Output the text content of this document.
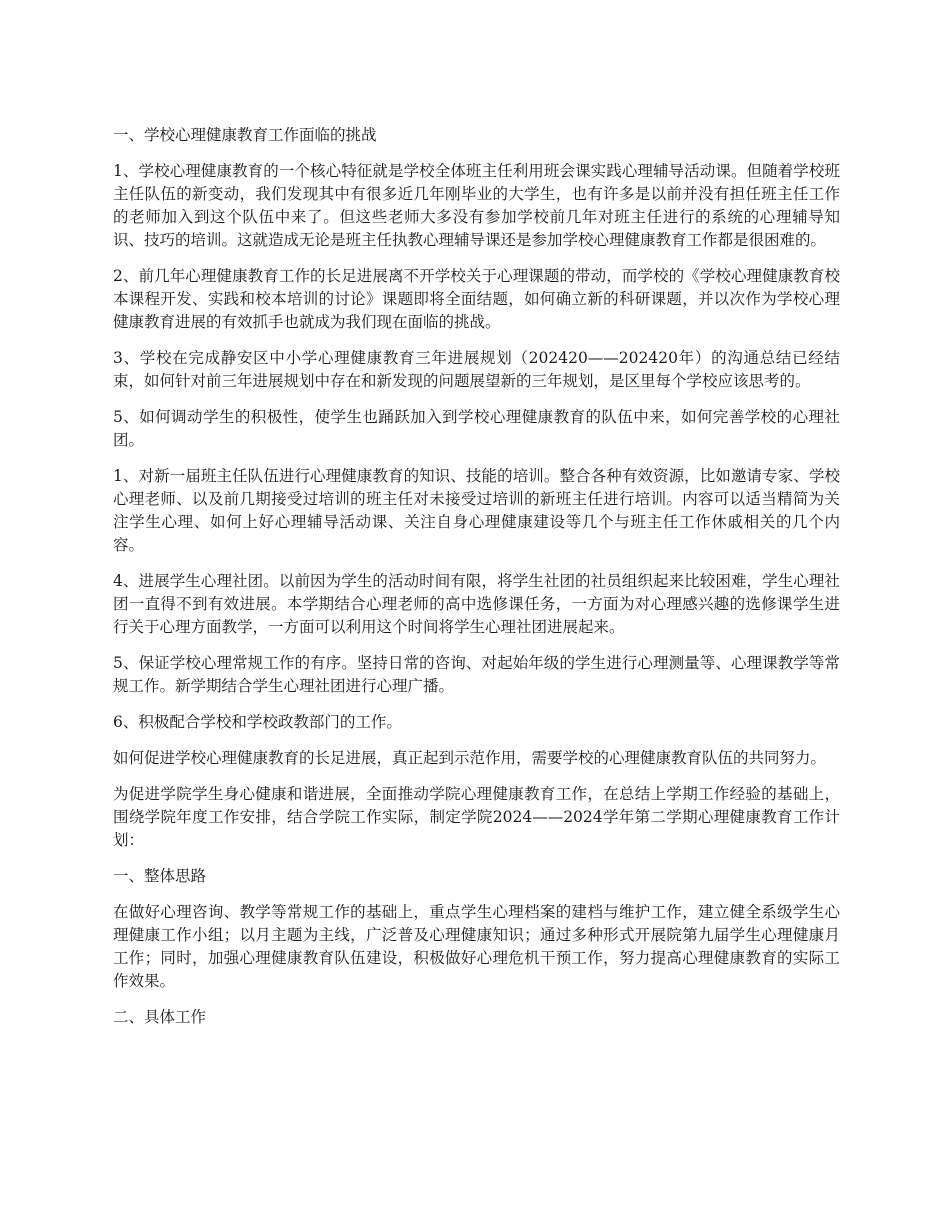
一、学校心理健康教育工作面临的挑战

1、学校心理健康教育的一个核心特征就是学校全体班主任利用班会课实践心理辅导活动课。但随着学校班主任队伍的新变动，我们发现其中有很多近几年刚毕业的大学生，也有许多是以前并没有担任班主任工作的老师加入到这个队伍中来了。但这些老师大多没有参加学校前几年对班主任进行的系统的心理辅导知识、技巧的培训。这就造成无论是班主任执教心理辅导课还是参加学校心理健康教育工作都是很困难的。

2、前几年心理健康教育工作的长足进展离不开学校关于心理课题的带动，而学校的《学校心理健康教育校本课程开发、实践和校本培训的讨论》课题即将全面结题，如何确立新的科研课题，并以次作为学校心理健康教育进展的有效抓手也就成为我们现在面临的挑战。

3、学校在完成静安区中小学心理健康教育三年进展规划（202420——202420年）的沟通总结已经结束，如何针对前三年进展规划中存在和新发现的问题展望新的三年规划，是区里每个学校应该思考的。

5、如何调动学生的积极性，使学生也踊跃加入到学校心理健康教育的队伍中来，如何完善学校的心理社团。

1、对新一届班主任队伍进行心理健康教育的知识、技能的培训。整合各种有效资源，比如邀请专家、学校心理老师、以及前几期接受过培训的班主任对未接受过培训的新班主任进行培训。内容可以适当精简为关注学生心理、如何上好心理辅导活动课、关注自身心理健康建设等几个与班主任工作休戚相关的几个内容。

4、进展学生心理社团。以前因为学生的活动时间有限，将学生社团的社员组织起来比较困难，学生心理社团一直得不到有效进展。本学期结合心理老师的高中选修课任务，一方面为对心理感兴趣的选修课学生进行关于心理方面教学，一方面可以利用这个时间将学生心理社团进展起来。

5、保证学校心理常规工作的有序。坚持日常的咨询、对起始年级的学生进行心理测量等、心理课教学等常规工作。新学期结合学生心理社团进行心理广播。

6、积极配合学校和学校政教部门的工作。

如何促进学校心理健康教育的长足进展，真正起到示范作用，需要学校的心理健康教育队伍的共同努力。

为促进学院学生身心健康和谐进展，全面推动学院心理健康教育工作，在总结上学期工作经验的基础上，围绕学院年度工作安排，结合学院工作实际，制定学院2024——2024学年第二学期心理健康教育工作计划：

一、整体思路

在做好心理咨询、教学等常规工作的基础上，重点学生心理档案的建档与维护工作，建立健全系级学生心理健康工作小组；以月主题为主线，广泛普及心理健康知识；通过多种形式开展院第九届学生心理健康月工作；同时，加强心理健康教育队伍建设，积极做好心理危机干预工作，努力提高心理健康教育的实际工作效果。

二、具体工作
